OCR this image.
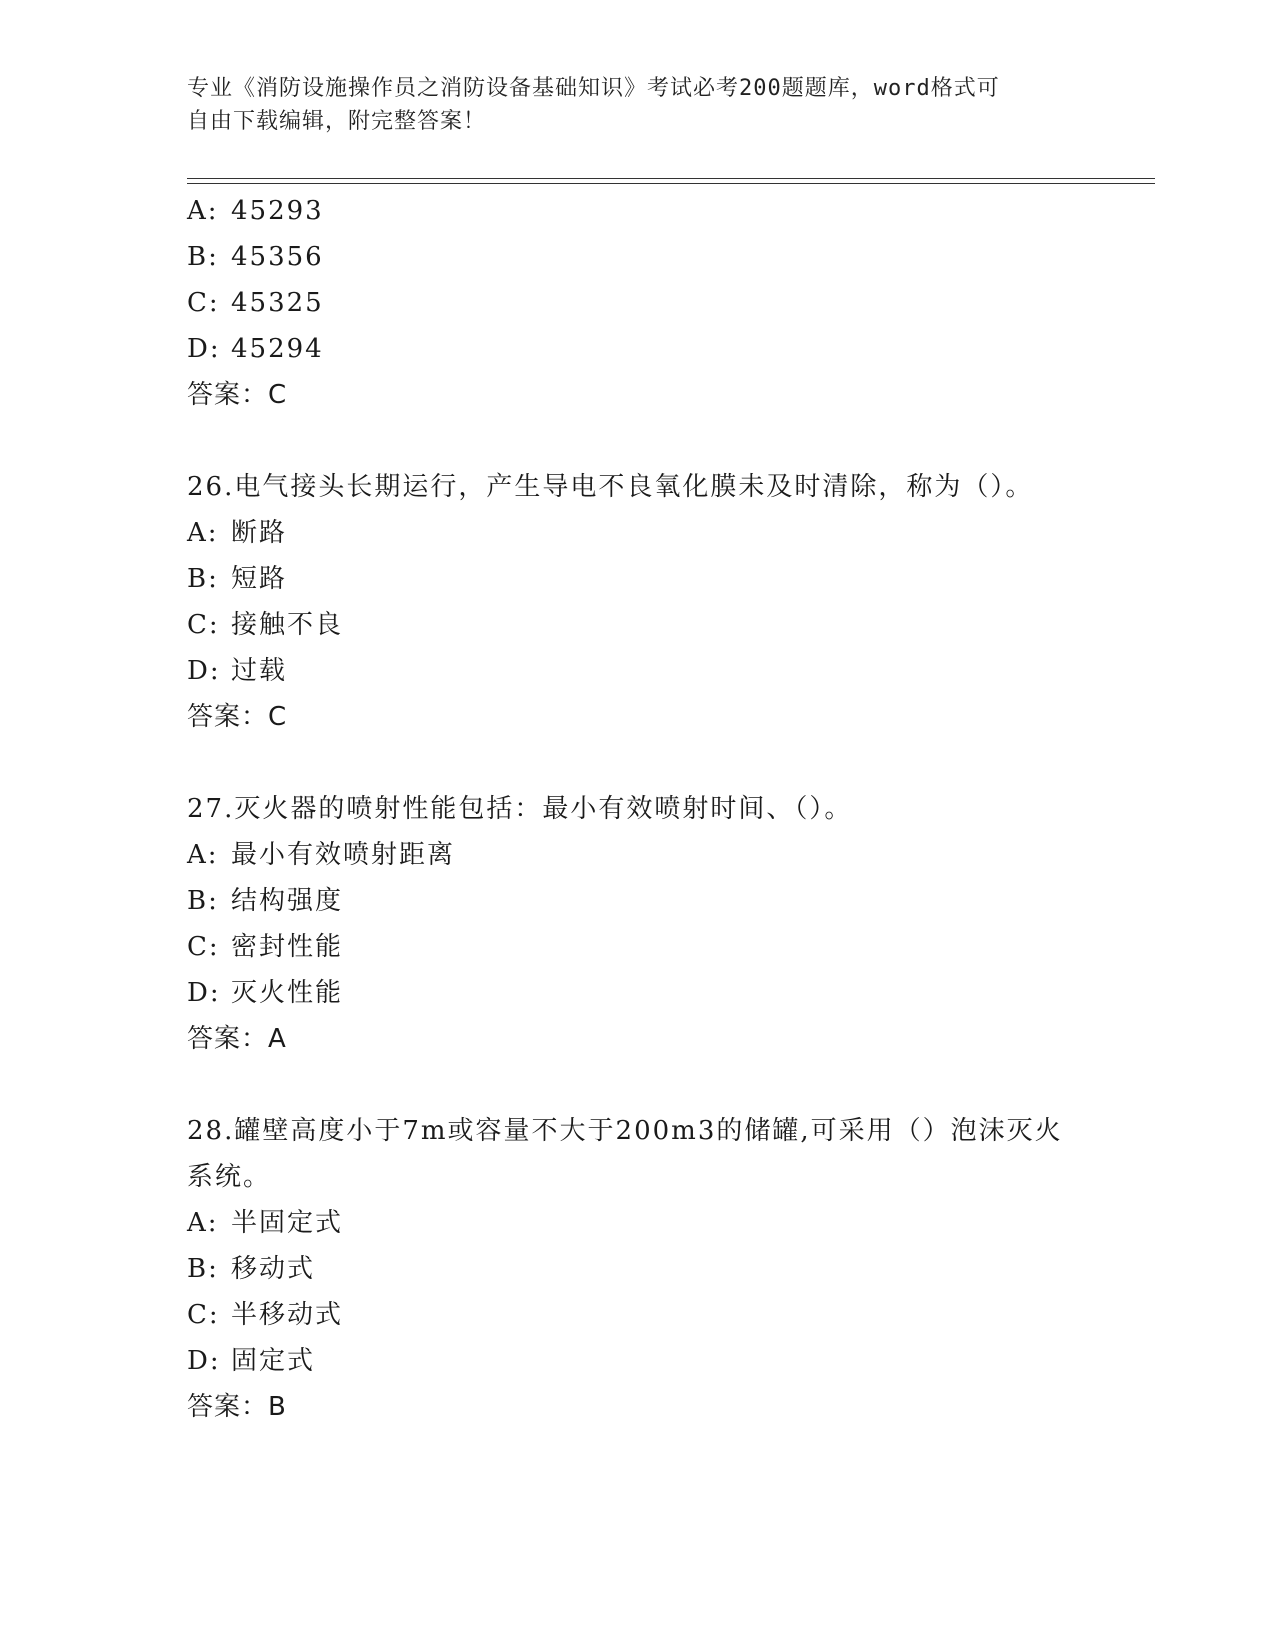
专业《消防设施操作员之消防设备基础知识》考试必考200题题库，word格式可
自由下载编辑，附完整答案！
A: 45293
B: 45356
C: 45325
D: 45294
答案：C
26.电气接头长期运行，产生导电不良氧化膜未及时清除，称为（）。
A: 断路
B: 短路
C: 接触不良
D: 过载
答案：C
27.灭火器的喷射性能包括：最小有效喷射时间、（）。
A: 最小有效喷射距离
B: 结构强度
C: 密封性能
D: 灭火性能
答案：A
28.罐壁高度小于7m或容量不大于200m3的储罐,可采用（）泡沫灭火系统。
A: 半固定式
B: 移动式
C: 半移动式
D: 固定式
答案：B
